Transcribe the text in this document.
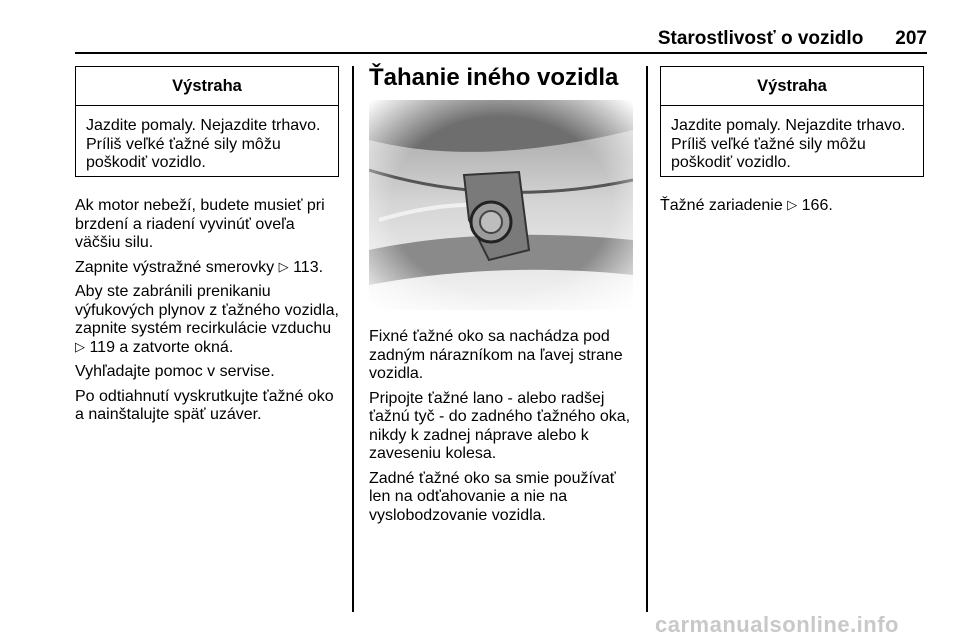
Starostlivosť o vozidlo 207
Výstraha
Jazdite pomaly. Nejazdite trhavo. Príliš veľké ťažné sily môžu poškodiť vozidlo.

Ak motor nebeží, budete musieť pri brzdení a riadení vyvinúť oveľa väčšiu silu.

Zapnite výstražné smerovky ▷ 113.

Aby ste zabránili prenikaniu výfukových plynov z ťažného vozidla, zapnite systém recirkulácie vzduchu ▷ 119 a zatvorte okná.

Vyhľadajte pomoc v servise.

Po odtiahnutí vyskrutkujte ťažné oko a nainštalujte späť uzáver.

Ťahanie iného vozidla

Fixné ťažné oko sa nachádza pod zadným nárazníkom na ľavej strane vozidla.

Pripojte ťažné lano - alebo radšej ťažnú tyč - do zadného ťažného oka, nikdy k zadnej náprave alebo k zaveseniu kolesa.

Zadné ťažné oko sa smie používať len na odťahovanie a nie na vyslobodzovanie vozidla.

Výstraha
Jazdite pomaly. Nejazdite trhavo. Príliš veľké ťažné sily môžu poškodiť vozidlo.

Ťažné zariadenie ▷ 166.

carmanualsonline.info
